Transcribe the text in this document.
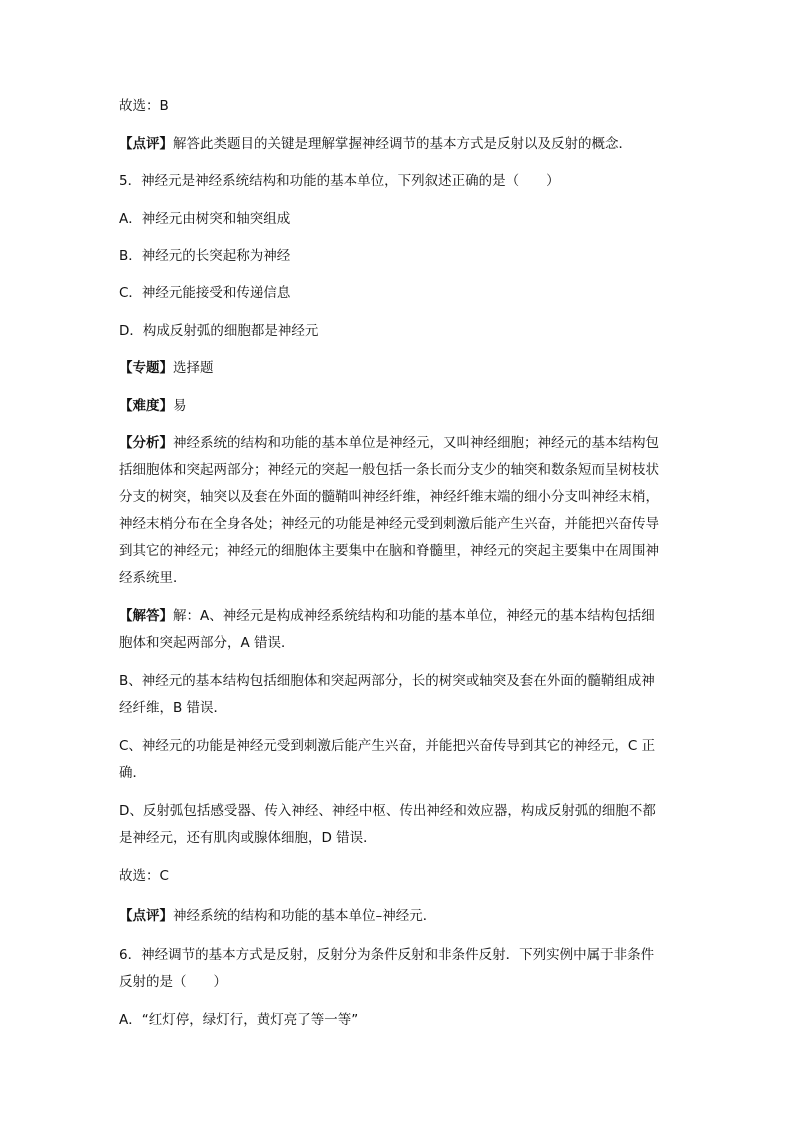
故选：B
【点评】解答此类题目的关键是理解掌握神经调节的基本方式是反射以及反射的概念．
5．神经元是神经系统结构和功能的基本单位，下列叙述正确的是（　　）
A．神经元由树突和轴突组成
B．神经元的长突起称为神经
C．神经元能接受和传递信息
D．构成反射弧的细胞都是神经元
【专题】选择题
【难度】易
【分析】神经系统的结构和功能的基本单位是神经元，又叫神经细胞；神经元的基本结构包
括细胞体和突起两部分；神经元的突起一般包括一条长而分支少的轴突和数条短而呈树枝状
分支的树突，轴突以及套在外面的髓鞘叫神经纤维，神经纤维末端的细小分支叫神经末梢，
神经末梢分布在全身各处；神经元的功能是神经元受到刺激后能产生兴奋，并能把兴奋传导
到其它的神经元；神经元的细胞体主要集中在脑和脊髓里，神经元的突起主要集中在周围神
经系统里．
【解答】解：A、神经元是构成神经系统结构和功能的基本单位，神经元的基本结构包括细
胞体和突起两部分，A 错误．
B、神经元的基本结构包括细胞体和突起两部分，长的树突或轴突及套在外面的髓鞘组成神
经纤维，B 错误．
C、神经元的功能是神经元受到刺激后能产生兴奋，并能把兴奋传导到其它的神经元，C 正
确．
D、反射弧包括感受器、传入神经、神经中枢、传出神经和效应器，构成反射弧的细胞不都
是神经元，还有肌肉或腺体细胞，D 错误．
故选：C
【点评】神经系统的结构和功能的基本单位–神经元．
6．神经调节的基本方式是反射，反射分为条件反射和非条件反射．下列实例中属于非条件
反射的是（　　）
A．“红灯停，绿灯行，黄灯亮了等一等”
